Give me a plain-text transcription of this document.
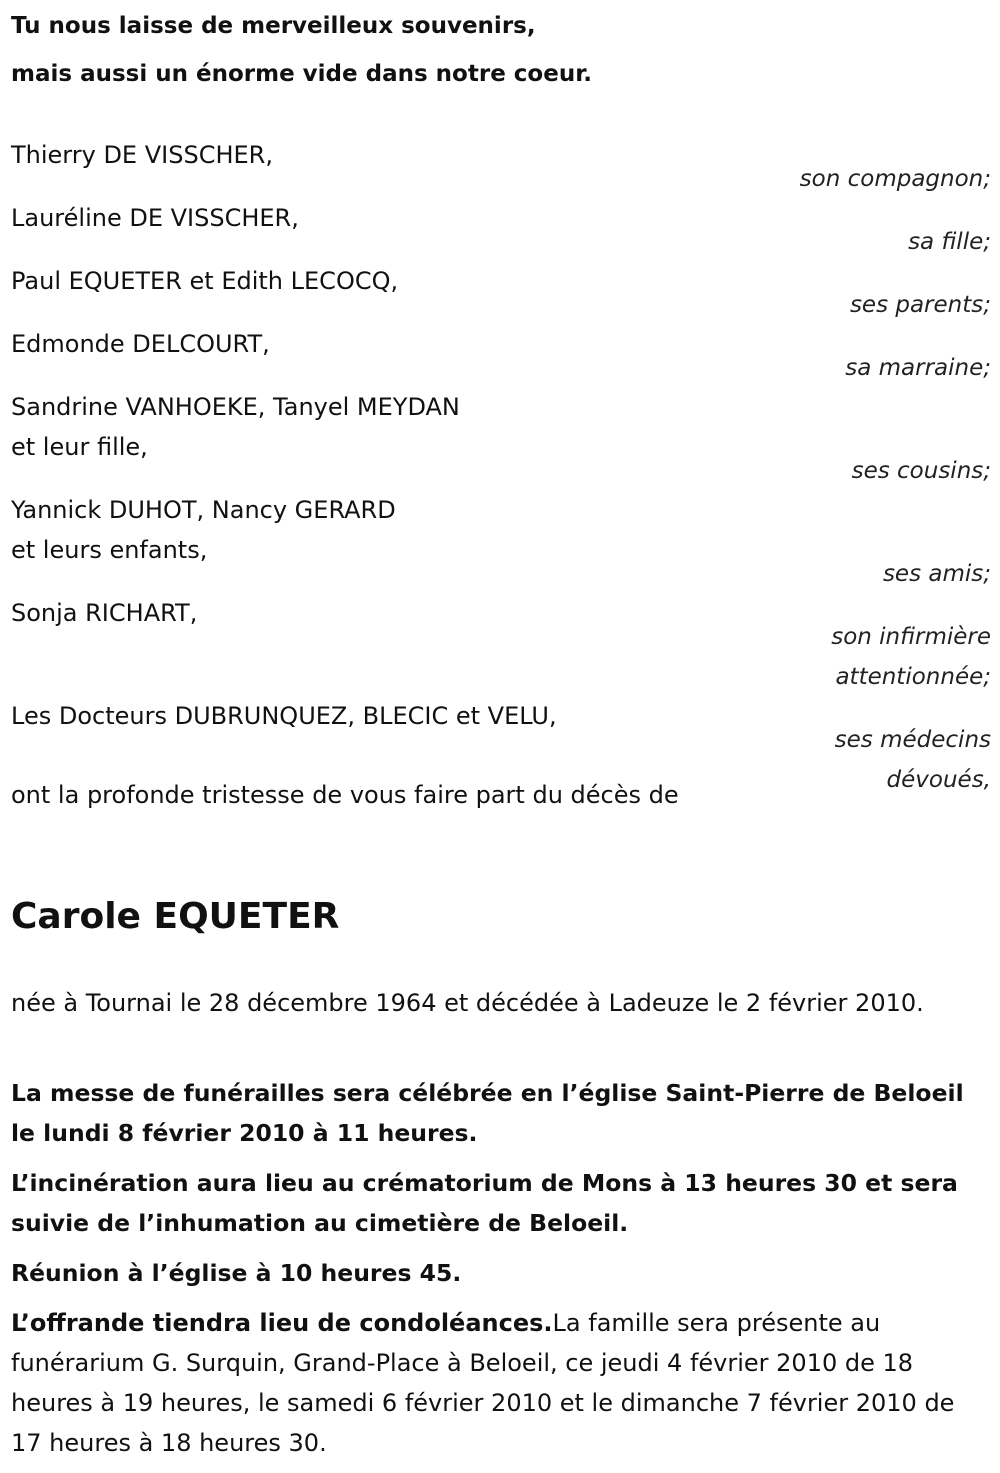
Tu nous laisse de merveilleux souvenirs,
mais aussi un énorme vide dans notre coeur.
Thierry DE VISSCHER,
son compagnon;
Lauréline DE VISSCHER,
sa fille;
Paul EQUETER et Edith LECOCQ,
ses parents;
Edmonde DELCOURT,
sa marraine;
Sandrine VANHOEKE, Tanyel MEYDAN
et leur fille,
ses cousins;
Yannick DUHOT, Nancy GERARD
et leurs enfants,
ses amis;
Sonja RICHART,
son infirmière
attentionnée;
Les Docteurs DUBRUNQUEZ, BLECIC et VELU,
ses médecins
dévoués,
ont la profonde tristesse de vous faire part du décès de
Carole EQUETER
née à Tournai le 28 décembre 1964 et décédée à Ladeuze le 2 février 2010.
La messe de funérailles sera célébrée en l’église Saint-Pierre de Beloeil le lundi 8 février 2010 à 11 heures.
L’incinération aura lieu au crématorium de Mons à 13 heures 30 et sera suivie de l’inhumation au cimetière de Beloeil.
Réunion à l’église à 10 heures 45.
L’offrande tiendra lieu de condoléances.La famille sera présente au funérarium G. Surquin, Grand-Place à Beloeil, ce jeudi 4 février 2010 de 18 heures à 19 heures, le samedi 6 février 2010 et le dimanche 7 février 2010 de 17 heures à 18 heures 30.
